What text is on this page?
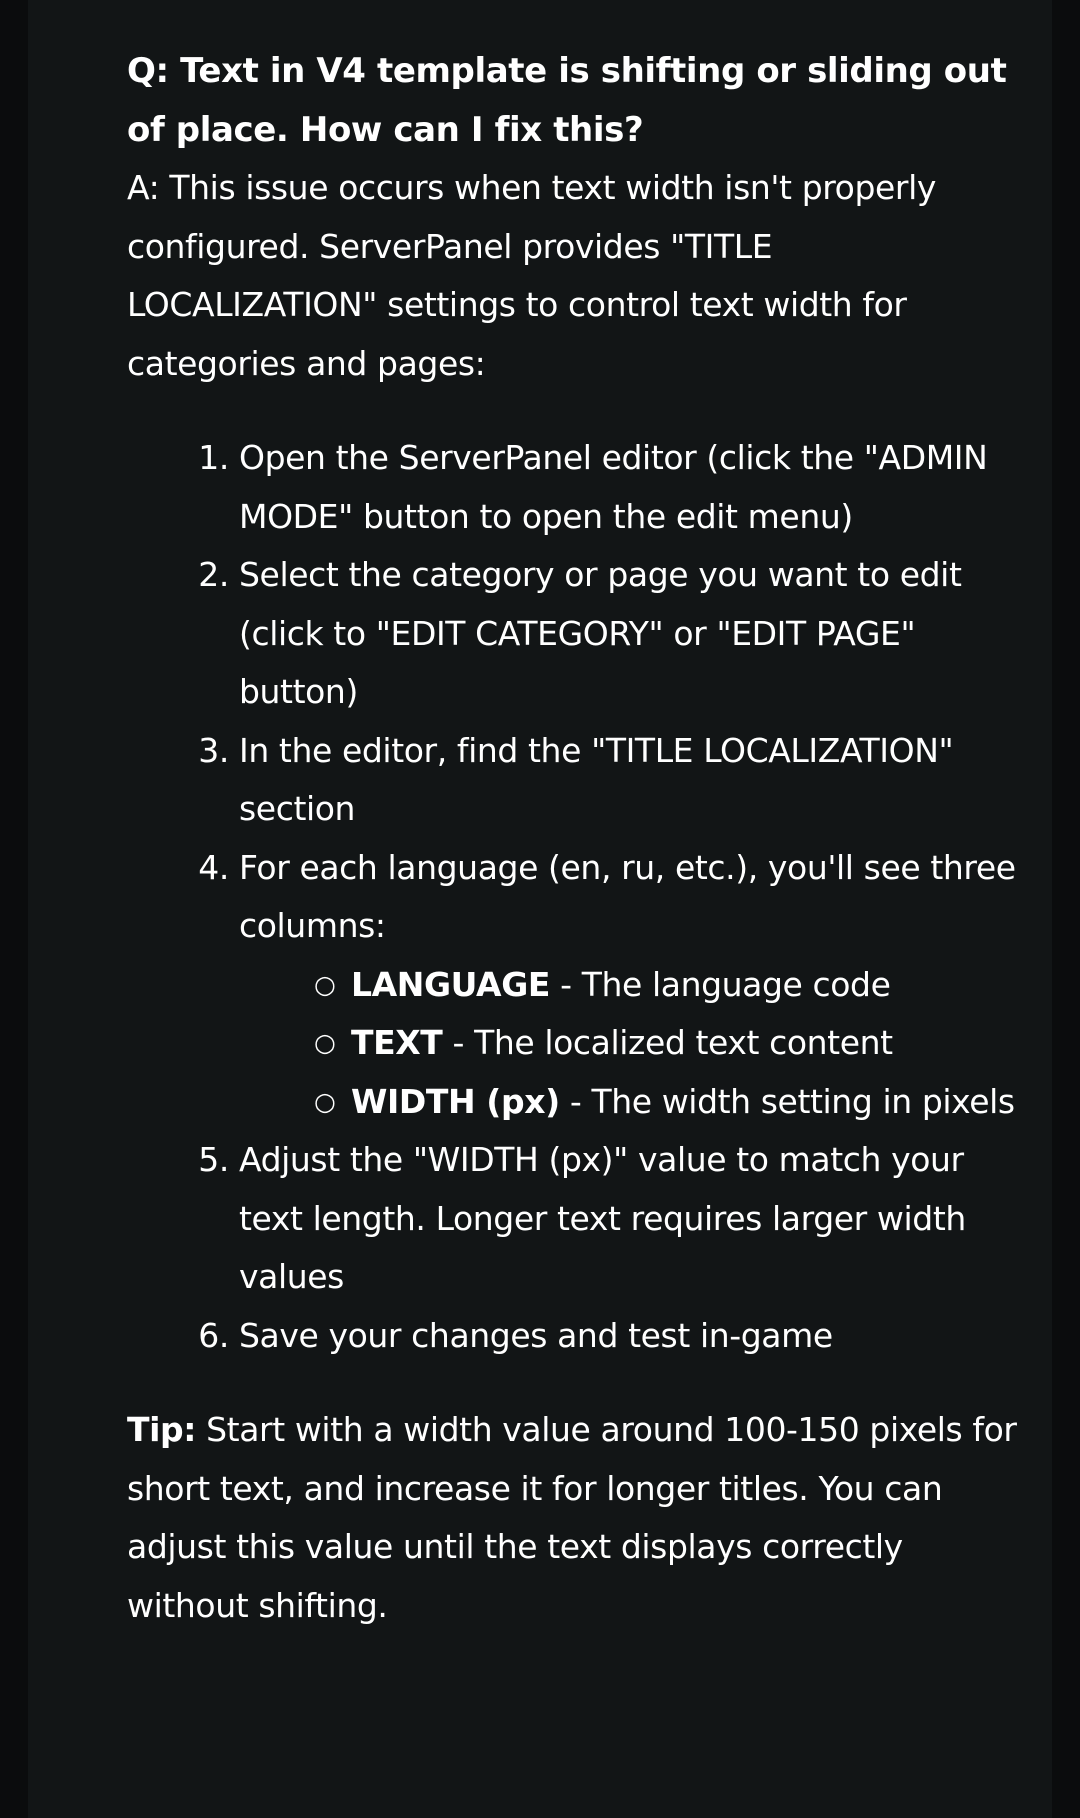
Q: Text in V4 template is shifting or sliding out of place. How can I fix this?

A: This issue occurs when text width isn't properly configured. ServerPanel provides "TITLE LOCALIZATION" settings to control text width for categories and pages:

1. Open the ServerPanel editor (click the "ADMIN MODE" button to open the edit menu)
2. Select the category or page you want to edit (click to "EDIT CATEGORY" or "EDIT PAGE" button)
3. In the editor, find the "TITLE LOCALIZATION" section
4. For each language (en, ru, etc.), you'll see three columns:
○ LANGUAGE - The language code
○ TEXT - The localized text content
○ WIDTH (px) - The width setting in pixels
5. Adjust the "WIDTH (px)" value to match your text length. Longer text requires larger width values
6. Save your changes and test in-game

Tip: Start with a width value around 100-150 pixels for short text, and increase it for longer titles. You can adjust this value until the text displays correctly without shifting.
